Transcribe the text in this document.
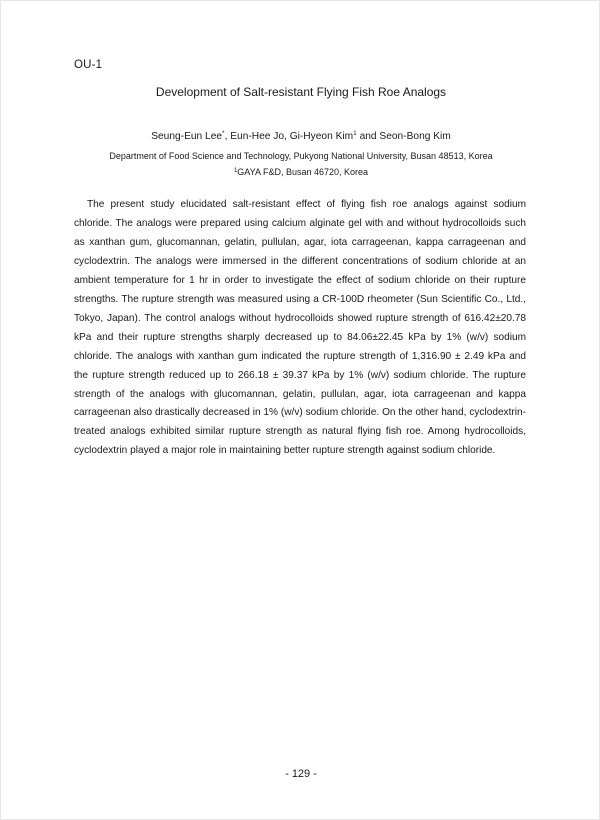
OU-1
Development of Salt-resistant Flying Fish Roe Analogs
Seung-Eun Lee*, Eun-Hee Jo, Gi-Hyeon Kim$^1$ and Seon-Bong Kim
Department of Food Science and Technology, Pukyong National University, Busan 48513, Korea
$^1$GAYA F&D, Busan 46720, Korea

The present study elucidated salt-resistant effect of flying fish roe analogs against sodium chloride. The analogs were prepared using calcium alginate gel with and without hydrocolloids such as xanthan gum, glucomannan, gelatin, pullulan, agar, iota carrageenan, kappa carrageenan and cyclodextrin. The analogs were immersed in the different concentrations of sodium chloride at an ambient temperature for 1 hr in order to investigate the effect of sodium chloride on their rupture strengths. The rupture strength was measured using a CR-100D rheometer (Sun Scientific Co., Ltd., Tokyo, Japan). The control analogs without hydrocolloids showed rupture strength of 616.42±20.78 kPa and their rupture strengths sharply decreased up to 84.06±22.45 kPa by 1% (w/v) sodium chloride. The analogs with xanthan gum indicated the rupture strength of 1,316.90 ± 2.49 kPa and the rupture strength reduced up to 266.18 ± 39.37 kPa by 1% (w/v) sodium chloride. The rupture strength of the analogs with glucomannan, gelatin, pullulan, agar, iota carrageenan and kappa carrageenan also drastically decreased in 1% (w/v) sodium chloride. On the other hand, cyclodextrin-treated analogs exhibited similar rupture strength as natural flying fish roe. Among hydrocolloids, cyclodextrin played a major role in maintaining better rupture strength against sodium chloride.

- 129 -
